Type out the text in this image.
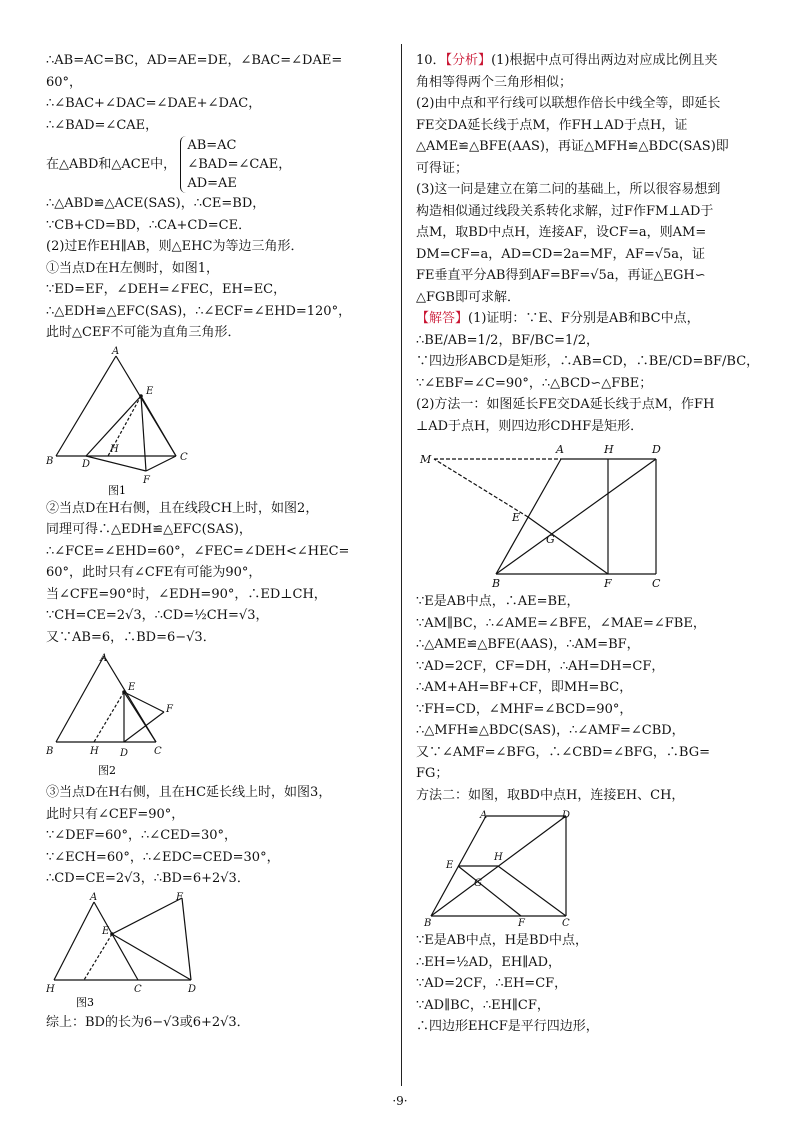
∴AB=AC=BC，AD=AE=DE，∠BAC=∠DAE=
60°，
∴∠BAC+∠DAC=∠DAE+∠DAC，
∴∠BAD=∠CAE，
在△ABD和△ACE中， AB=AC
∠BAD=∠CAE，
AD=AE
∴△ABD≌△ACE(SAS)，∴CE=BD，
∵CB+CD=BD，∴CA+CD=CE．
(2)过E作EH∥AB，则△EHC为等边三角形．
①当点D在H左侧时，如图1，
∵ED=EF，∠DEH=∠FEC，EH=EC，
∴△EDH≌△EFC(SAS)，∴∠ECF=∠EHD=120°，
此时△CEF不可能为直角三角形．
A
E
B	D
H
C
F
图1
②当点D在H右侧，且在线段CH上时，如图2，
同理可得∴△EDH≌△EFC(SAS)，
∴∠FCE=∠EHD=60°，∠FEC=∠DEH<∠HEC=
60°，此时只有∠CFE有可能为90°，
当∠CFE=90°时，∠EDH=90°，∴ED⊥CH，
∵CH=CE=2√3，∴CD=½CH=√3，
又∵AB=6，∴BD=6−√3．
A
E
F
B	H D	C
图2
③当点D在H右侧，且在HC延长线上时，如图3，
此时只有∠CEF=90°，
∵∠DEF=60°，∴∠CED=30°，
∵∠ECH=60°，∴∠EDC=CED=30°，
∴CD=CE=2√3，∴BD=6+2√3．
A
E
F
H	C	D
图3
综上：BD的长为6−√3或6+2√3．
10．【分析】(1)根据中点可得出两边对应成比例且夹
角相等得两个三角形相似；
(2)由中点和平行线可以联想作倍长中线全等，即延长
FE交DA延长线于点M，作FH⊥AD于点H，证
△AME≌△BFE(AAS)，再证△MFH≌△BDC(SAS)即
可得证；
(3)这一问是建立在第二问的基础上，所以很容易想到
构造相似通过线段关系转化求解，过F作FM⊥AD于
点M，取BD中点H，连接AF，设CF=a，则AM=
DM=CF=a，AD=CD=2a=MF，AF=√5a，证
FE垂直平分AB得到AF=BF=√5a，再证△EGH∽
△FGB即可求解．
【解答】(1)证明：∵E、F分别是AB和BC中点，
∴BE/AB=1/2，BF/BC=1/2，
∵四边形ABCD是矩形，∴AB=CD，∴BE/CD=BF/BC，
∵∠EBF=∠C=90°，∴△BCD∽△FBE；
(2)方法一：如图延长FE交DA延长线于点M，作FH
⊥AD于点H，则四边形CDHF是矩形．
M
A	H	D
E
G
B	F	C
∵E是AB中点，∴AE=BE，
∵AM∥BC，∴∠AME=∠BFE，∠MAE=∠FBE，
∴△AME≌△BFE(AAS)，∴AM=BF，
∵AD=2CF，CF=DH，∴AH=DH=CF，
∴AM+AH=BF+CF，即MH=BC，
∵FH=CD，∠MHF=∠BCD=90°，
∴△MFH≌△BDC(SAS)，∴∠AMF=∠CBD，
又∵∠AMF=∠BFG，∴∠CBD=∠BFG，∴BG=
FG；
方法二：如图，取BD中点H，连接EH、CH，
A	D
E
H
G
B	F	C
∵E是AB中点，H是BD中点，
∴EH=½AD，EH∥AD，
∵AD=2CF，∴EH=CF，
∵AD∥BC，∴EH∥CF，
∴四边形EHCF是平行四边形，
·9·
